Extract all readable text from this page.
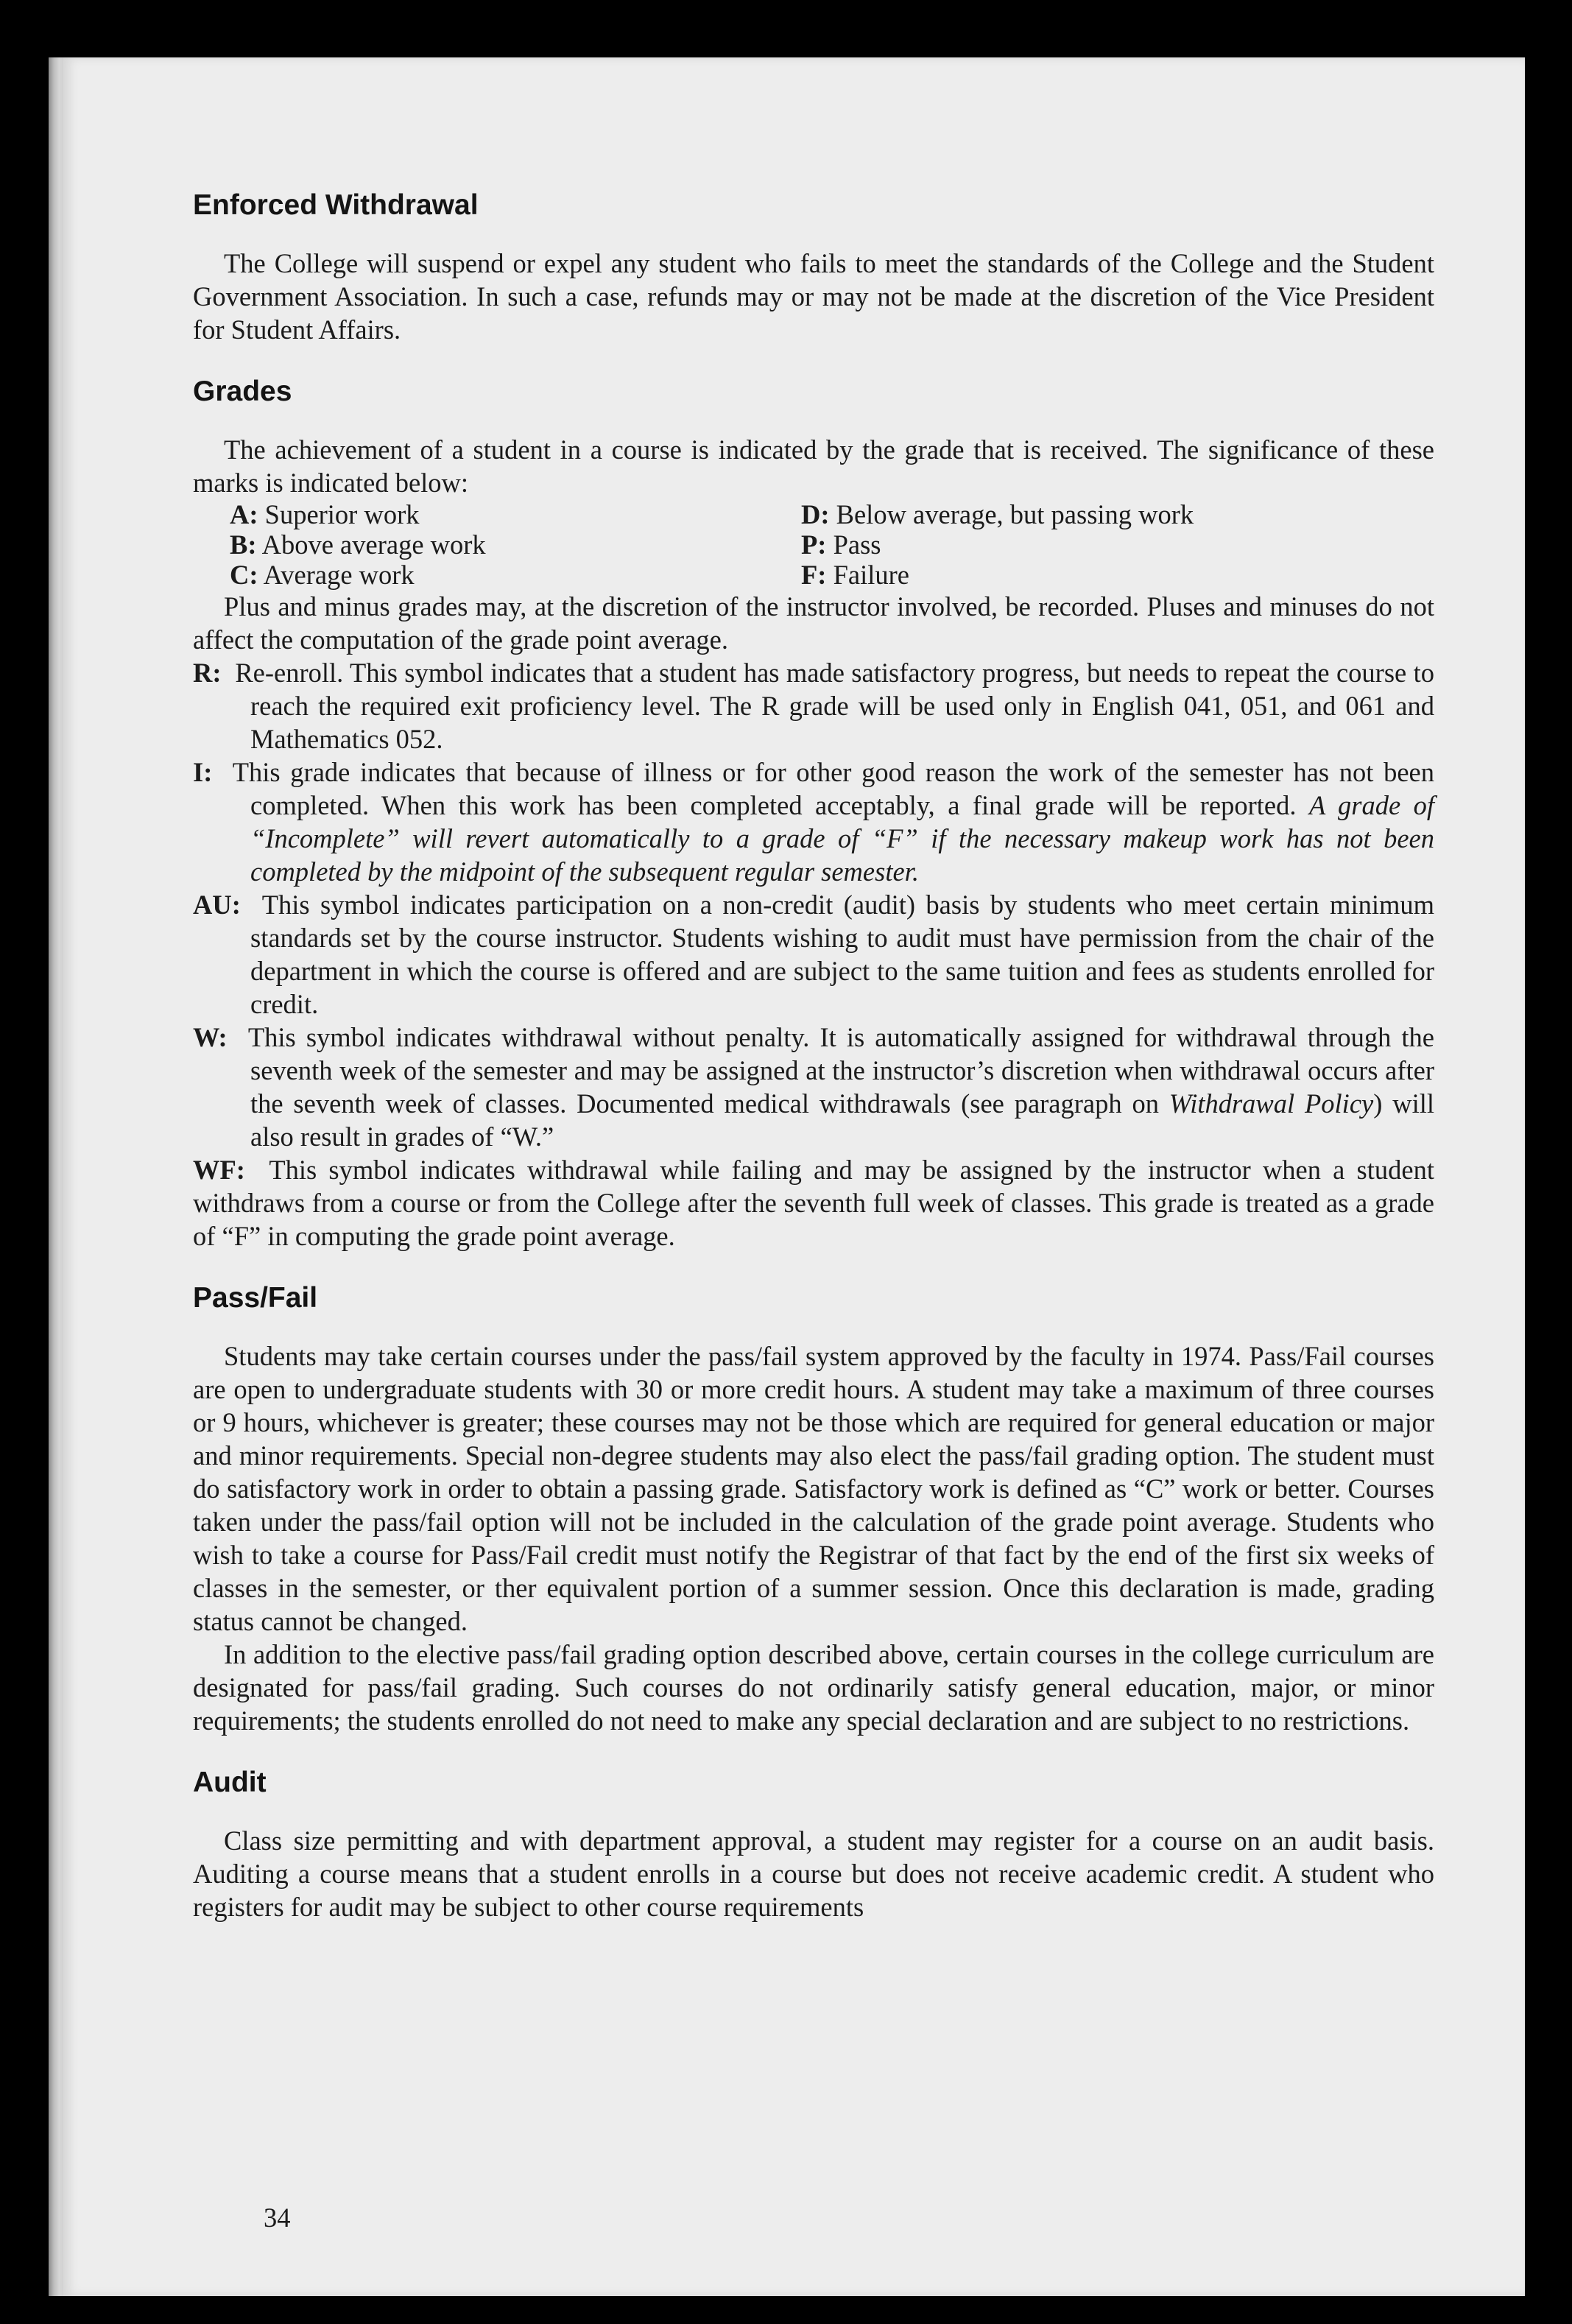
Enforced Withdrawal

The College will suspend or expel any student who fails to meet the standards of the College and the Student Government Association. In such a case, refunds may or may not be made at the discretion of the Vice President for Student Affairs.

Grades

The achievement of a student in a course is indicated by the grade that is received. The significance of these marks is indicated below:

A: Superior work	D: Below average, but passing work
B: Above average work	P: Pass
C: Average work	F: Failure

Plus and minus grades may, at the discretion of the instructor involved, be recorded. Pluses and minuses do not affect the computation of the grade point average.

R: Re-enroll. This symbol indicates that a student has made satisfactory progress, but needs to repeat the course to reach the required exit proficiency level. The R grade will be used only in English 041, 051, and 061 and Mathematics 052.

I: This grade indicates that because of illness or for other good reason the work of the semester has not been completed. When this work has been completed acceptably, a final grade will be reported. A grade of “Incomplete” will revert automatically to a grade of “F” if the necessary makeup work has not been completed by the midpoint of the subsequent regular semester.

AU: This symbol indicates participation on a non-credit (audit) basis by students who meet certain minimum standards set by the course instructor. Students wishing to audit must have permission from the chair of the department in which the course is offered and are subject to the same tuition and fees as students enrolled for credit.

W: This symbol indicates withdrawal without penalty. It is automatically assigned for withdrawal through the seventh week of the semester and may be assigned at the instructor’s discretion when withdrawal occurs after the seventh week of classes. Documented medical withdrawals (see paragraph on Withdrawal Policy) will also result in grades of “W.”

WF: This symbol indicates withdrawal while failing and may be assigned by the instructor when a student withdraws from a course or from the College after the seventh full week of classes. This grade is treated as a grade of “F” in computing the grade point average.

Pass/Fail

Students may take certain courses under the pass/fail system approved by the faculty in 1974. Pass/Fail courses are open to undergraduate students with 30 or more credit hours. A student may take a maximum of three courses or 9 hours, whichever is greater; these courses may not be those which are required for general education or major and minor requirements. Special non-degree students may also elect the pass/fail grading option. The student must do satisfactory work in order to obtain a passing grade. Satisfactory work is defined as “C” work or better. Courses taken under the pass/fail option will not be included in the calculation of the grade point average. Students who wish to take a course for Pass/Fail credit must notify the Registrar of that fact by the end of the first six weeks of classes in the semester, or ther equivalent portion of a summer session. Once this declaration is made, grading status cannot be changed.

In addition to the elective pass/fail grading option described above, certain courses in the college curriculum are designated for pass/fail grading. Such courses do not ordinarily satisfy general education, major, or minor requirements; the students enrolled do not need to make any special declaration and are subject to no restrictions.

Audit

Class size permitting and with department approval, a student may register for a course on an audit basis. Auditing a course means that a student enrolls in a course but does not receive academic credit. A student who registers for audit may be subject to other course requirements

34
